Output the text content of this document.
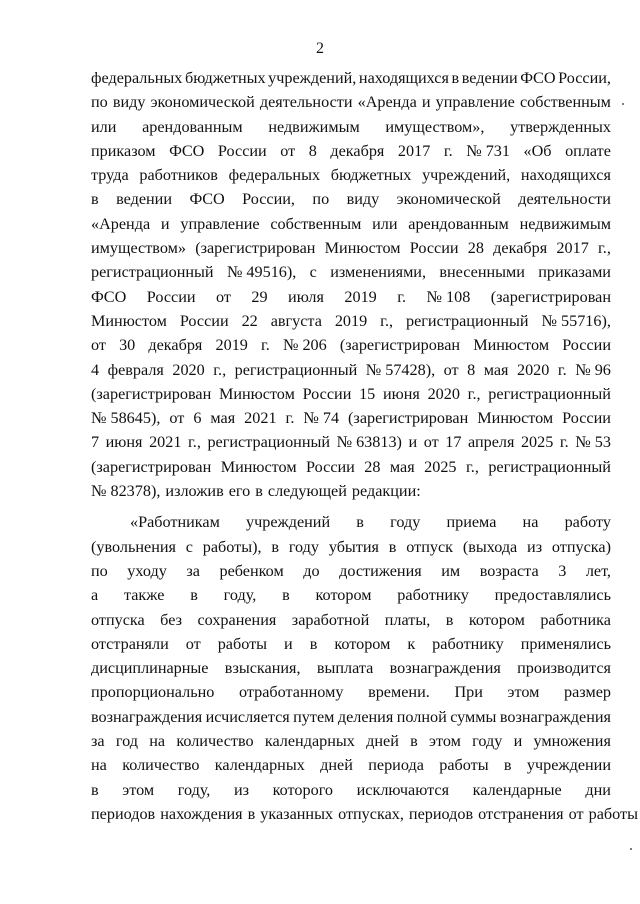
2
федеральных бюджетных учреждений, находящихся в ведении ФСО России,
по виду экономической деятельности «Аренда и управление собственным
или арендованным недвижимым имуществом», утвержденных
приказом ФСО России от 8 декабря 2017 г. № 731 «Об оплате
труда работников федеральных бюджетных учреждений, находящихся
в ведении ФСО России, по виду экономической деятельности
«Аренда и управление собственным или арендованным недвижимым
имуществом» (зарегистрирован Минюстом России 28 декабря 2017 г.,
регистрационный № 49516), с изменениями, внесенными приказами
ФСО России от 29 июля 2019 г. № 108 (зарегистрирован
Минюстом России 22 августа 2019 г., регистрационный № 55716),
от 30 декабря 2019 г. № 206 (зарегистрирован Минюстом России
4 февраля 2020 г., регистрационный № 57428), от 8 мая 2020 г. № 96
(зарегистрирован Минюстом России 15 июня 2020 г., регистрационный
№ 58645), от 6 мая 2021 г. № 74 (зарегистрирован Минюстом России
7 июня 2021 г., регистрационный № 63813) и от 17 апреля 2025 г. № 53
(зарегистрирован Минюстом России 28 мая 2025 г., регистрационный
№ 82378), изложив его в следующей редакции:
«Работникам учреждений в году приема на работу
(увольнения с работы), в году убытия в отпуск (выхода из отпуска)
по уходу за ребенком до достижения им возраста 3 лет,
а также в году, в котором работнику предоставлялись
отпуска без сохранения заработной платы, в котором работника
отстраняли от работы и в котором к работнику применялись
дисциплинарные взыскания, выплата вознаграждения производится
пропорционально отработанному времени. При этом размер
вознаграждения исчисляется путем деления полной суммы вознаграждения
за год на количество календарных дней в этом году и умножения
на количество календарных дней периода работы в учреждении
в этом году, из которого исключаются календарные дни
периодов нахождения в указанных отпусках, периодов отстранения от работы
